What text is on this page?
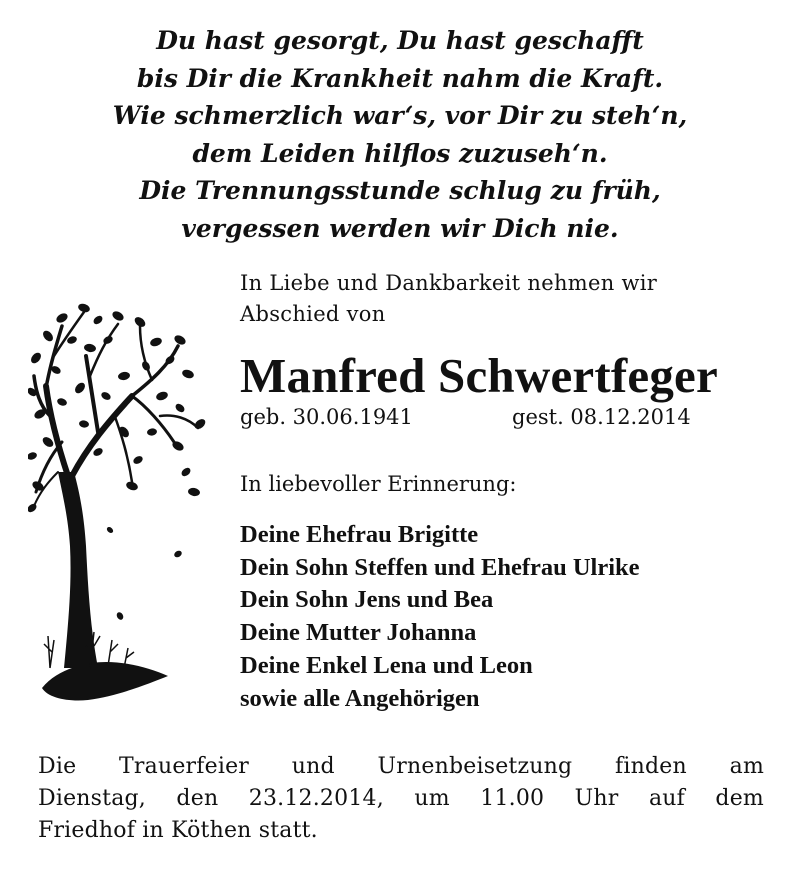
Du hast gesorgt, Du hast geschafft
bis Dir die Krankheit nahm die Kraft.
Wie schmerzlich war‘s, vor Dir zu steh‘n,
dem Leiden hilflos zuzuseh‘n.
Die Trennungsstunde schlug zu früh,
vergessen werden wir Dich nie.
In Liebe und Dankbarkeit nehmen wir
Abschied von
Manfred Schwertfeger
geb. 30.06.1941	gest. 08.12.2014
In liebevoller Erinnerung:
Deine Ehefrau Brigitte
Dein Sohn Steffen und Ehefrau Ulrike
Dein Sohn Jens und Bea
Deine Mutter Johanna
Deine Enkel Lena und Leon
sowie alle Angehörigen
Die Trauerfeier und Urnenbeisetzung finden am
Dienstag, den 23.12.2014, um 11.00 Uhr auf dem
Friedhof in Köthen statt.
